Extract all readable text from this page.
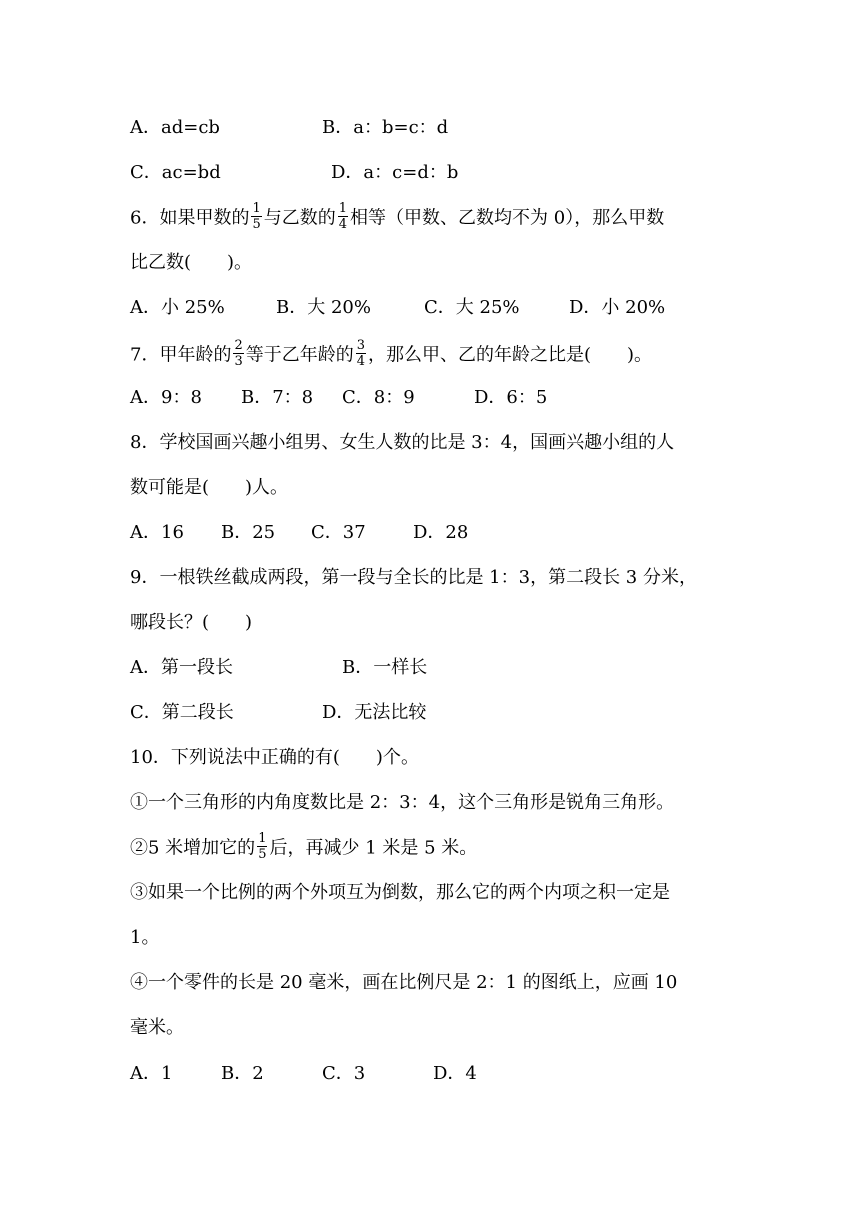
A．ad=cb	B．a：b=c：d
C．ac=bd	D．a：c=d：b
6．如果甲数的 $\frac{1}{5}$ 与乙数的 $\frac{1}{4}$ 相等（甲数、乙数均不为 0），那么甲数
比乙数(　　)。
A．小 25%	B．大 20%	C．大 25%	D．小 20%
7．甲年龄的 $\frac{2}{3}$ 等于乙年龄的 $\frac{3}{4}$ ，那么甲、乙的年龄之比是(　　)。
A．9：8 B．7：8 C．8：9	D．6：5
8．学校国画兴趣小组男、女生人数的比是 3：4，国画兴趣小组的人
数可能是(　　)人。
A．16 B．25 C．37	D．28
9．一根铁丝截成两段，第一段与全长的比是 1：3，第二段长 3 分米，
哪段长？(　　)
A．第一段长	B．一样长
C．第二段长	D．无法比较
10．下列说法中正确的有(　　)个。
①一个三角形的内角度数比是 2：3：4，这个三角形是锐角三角形。
②5 米增加它的 $\frac{1}{5}$ 后，再减少 1 米是 5 米。
③如果一个比例的两个外项互为倒数，那么它的两个内项之积一定是
1。
④一个零件的长是 20 毫米，画在比例尺是 2：1 的图纸上，应画 10
毫米。
A．1	B．2	C．3	D．4
